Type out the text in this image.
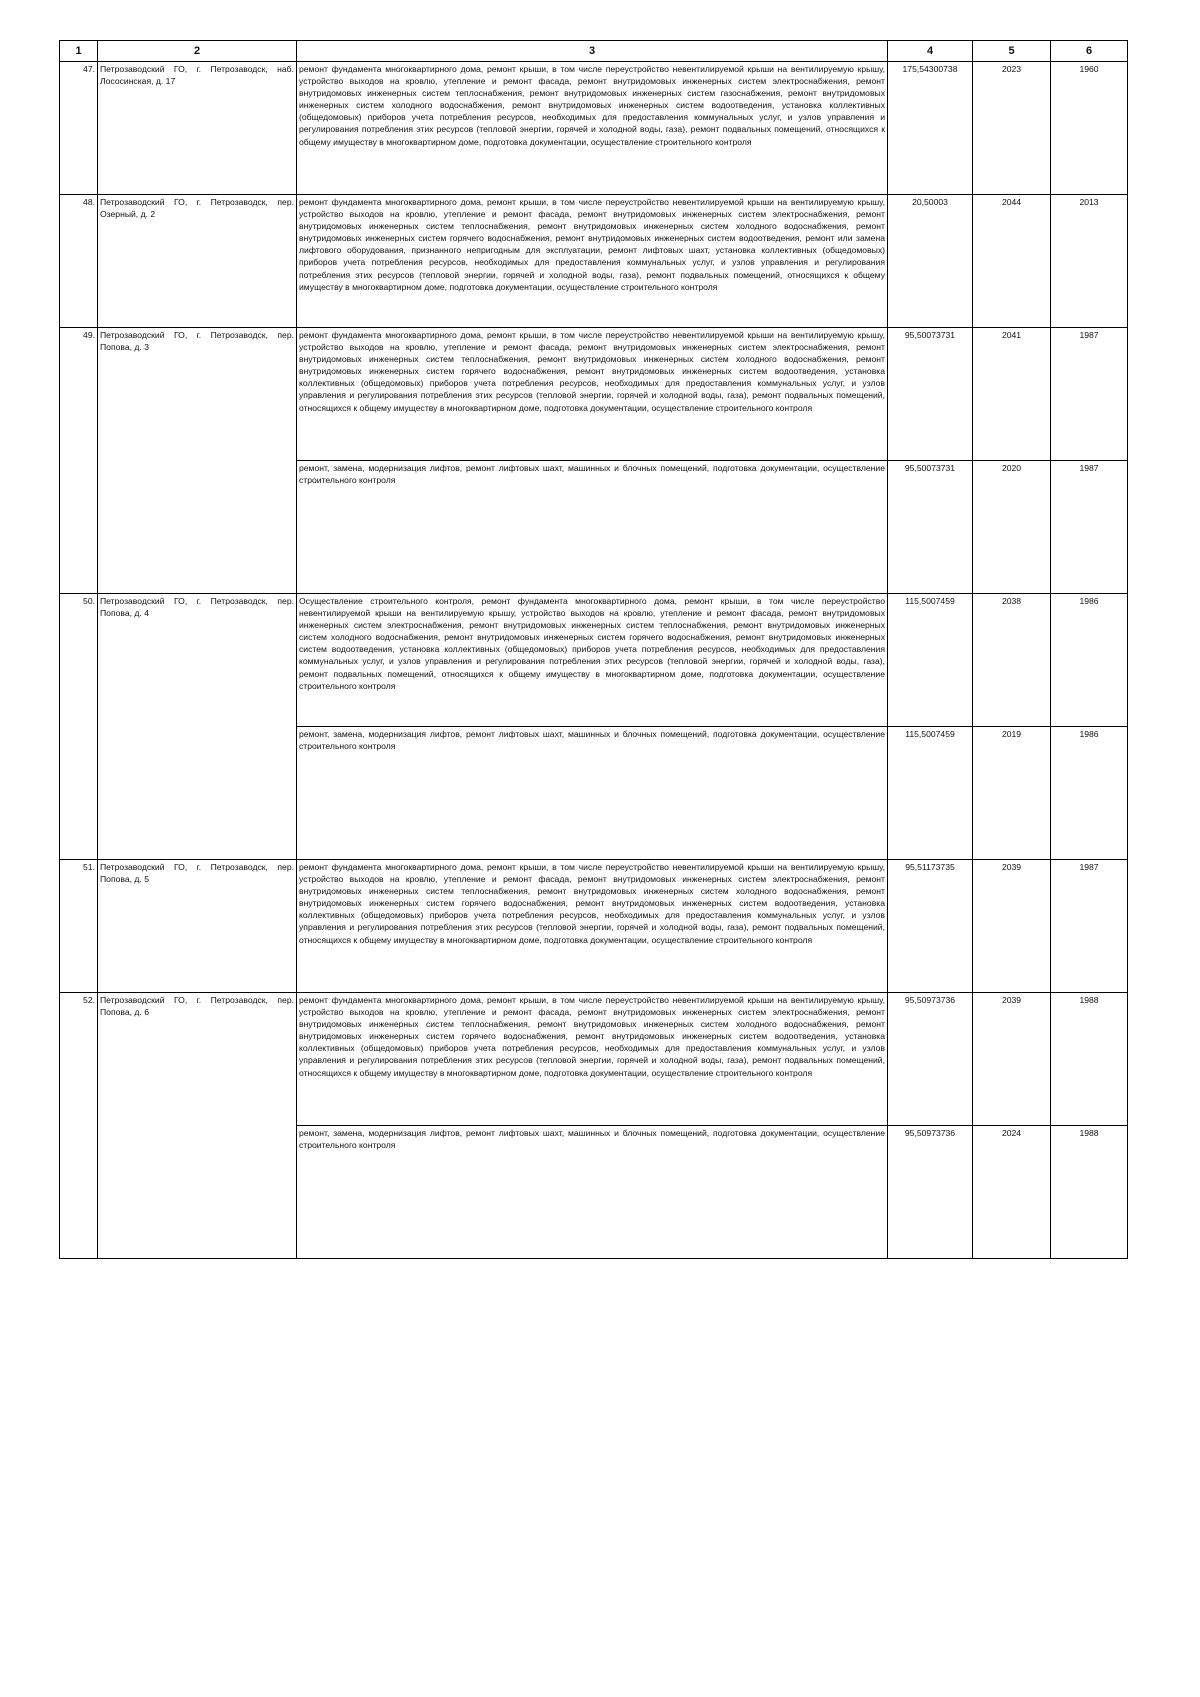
1	2	3	4	5	6
47.	Петрозаводский ГО, г. Петрозаводск, наб. Лососинская, д. 17	ремонт фундамента многоквартирного дома, ремонт крыши, в том числе переустройство невентилируемой крыши на вентилируемую крышу, устройство выходов на кровлю, утепление и ремонт фасада, ремонт внутридомовых инженерных систем электроснабжения, ремонт внутридомовых инженерных систем теплоснабжения, ремонт внутридомовых инженерных систем газоснабжения, ремонт внутридомовых инженерных систем холодного водоснабжения, ремонт внутридомовых инженерных систем водоотведения, установка коллективных (общедомовых) приборов учета потребления ресурсов, необходимых для предоставления коммунальных услуг, и узлов управления и регулирования потребления этих ресурсов (тепловой энергии, горячей и холодной воды, газа), ремонт подвальных помещений, относящихся к общему имуществу в многоквартирном доме, подготовка документации, осуществление строительного контроля	175,54300738	2023	1960
48.	Петрозаводский ГО, г. Петрозаводск, пер. Озерный, д. 2	ремонт фундамента многоквартирного дома, ремонт крыши, в том числе переустройство невентилируемой крыши на вентилируемую крышу, устройство выходов на кровлю, утепление и ремонт фасада, ремонт внутридомовых инженерных систем электроснабжения, ремонт внутридомовых инженерных систем теплоснабжения, ремонт внутридомовых инженерных систем холодного водоснабжения, ремонт внутридомовых инженерных систем горячего водоснабжения, ремонт внутридомовых инженерных систем водоотведения, ремонт или замена лифтового оборудования, признанного непригодным для эксплуатации, ремонт лифтовых шахт, установка коллективных (общедомовых) приборов учета потребления ресурсов, необходимых для предоставления коммунальных услуг, и узлов управления и регулирования потребления этих ресурсов (тепловой энергии, горячей и холодной воды, газа), ремонт подвальных помещений, относящихся к общему имуществу в многоквартирном доме, подготовка документации, осуществление строительного контроля	20,50003	2044	2013
49.	Петрозаводский ГО, г. Петрозаводск, пер. Попова, д. 3	ремонт фундамента многоквартирного дома, ремонт крыши, в том числе переустройство невентилируемой крыши на вентилируемую крышу, устройство выходов на кровлю, утепление и ремонт фасада, ремонт внутридомовых инженерных систем электроснабжения, ремонт внутридомовых инженерных систем теплоснабжения, ремонт внутридомовых инженерных систем холодного водоснабжения, ремонт внутридомовых инженерных систем горячего водоснабжения, ремонт внутридомовых инженерных систем водоотведения, установка коллективных (общедомовых) приборов учета потребления ресурсов, необходимых для предоставления коммунальных услуг, и узлов управления и регулирования потребления этих ресурсов (тепловой энергии, горячей и холодной воды, газа), ремонт подвальных помещений, относящихся к общему имуществу в многоквартирном доме, подготовка документации, осуществление строительного контроля	95,50073731	2041	1987
		ремонт, замена, модернизация лифтов, ремонт лифтовых шахт, машинных и блочных помещений, подготовка документации, осуществление строительного контроля	95,50073731	2020	1987
50.	Петрозаводский ГО, г. Петрозаводск, пер. Попова, д. 4	Осуществление строительного контроля, ремонт фундамента многоквартирного дома, ремонт крыши, в том числе переустройство невентилируемой крыши на вентилируемую крышу, устройство выходов на кровлю, утепление и ремонт фасада, ремонт внутридомовых инженерных систем электроснабжения, ремонт внутридомовых инженерных систем теплоснабжения, ремонт внутридомовых инженерных систем холодного водоснабжения, ремонт внутридомовых инженерных систем горячего водоснабжения, ремонт внутридомовых инженерных систем водоотведения, установка коллективных (общедомовых) приборов учета потребления ресурсов, необходимых для предоставления коммунальных услуг, и узлов управления и регулирования потребления этих ресурсов (тепловой энергии, горячей и холодной воды, газа), ремонт подвальных помещений, относящихся к общему имуществу в многоквартирном доме, подготовка документации, осуществление строительного контроля	115,5007459	2038	1986
		ремонт, замена, модернизация лифтов, ремонт лифтовых шахт, машинных и блочных помещений, подготовка документации, осуществление строительного контроля	115,5007459	2019	1986
51.	Петрозаводский ГО, г. Петрозаводск, пер. Попова, д. 5	ремонт фундамента многоквартирного дома, ремонт крыши, в том числе переустройство невентилируемой крыши на вентилируемую крышу, устройство выходов на кровлю, утепление и ремонт фасада, ремонт внутридомовых инженерных систем электроснабжения, ремонт внутридомовых инженерных систем теплоснабжения, ремонт внутридомовых инженерных систем холодного водоснабжения, ремонт внутридомовых инженерных систем горячего водоснабжения, ремонт внутридомовых инженерных систем водоотведения, установка коллективных (общедомовых) приборов учета потребления ресурсов, необходимых для предоставления коммунальных услуг, и узлов управления и регулирования потребления этих ресурсов (тепловой энергии, горячей и холодной воды, газа), ремонт подвальных помещений, относящихся к общему имуществу в многоквартирном доме, подготовка документации, осуществление строительного контроля	95,51173735	2039	1987
52.	Петрозаводский ГО, г. Петрозаводск, пер. Попова, д. 6	ремонт фундамента многоквартирного дома, ремонт крыши, в том числе переустройство невентилируемой крыши на вентилируемую крышу, устройство выходов на кровлю, утепление и ремонт фасада, ремонт внутридомовых инженерных систем электроснабжения, ремонт внутридомовых инженерных систем теплоснабжения, ремонт внутридомовых инженерных систем холодного водоснабжения, ремонт внутридомовых инженерных систем горячего водоснабжения, ремонт внутридомовых инженерных систем водоотведения, установка коллективных (общедомовых) приборов учета потребления ресурсов, необходимых для предоставления коммунальных услуг, и узлов управления и регулирования потребления этих ресурсов (тепловой энергии, горячей и холодной воды, газа), ремонт подвальных помещений, относящихся к общему имуществу в многоквартирном доме, подготовка документации, осуществление строительного контроля	95,50973736	2039	1988
		ремонт, замена, модернизация лифтов, ремонт лифтовых шахт, машинных и блочных помещений, подготовка документации, осуществление строительного контроля	95,50973736	2024	1988
